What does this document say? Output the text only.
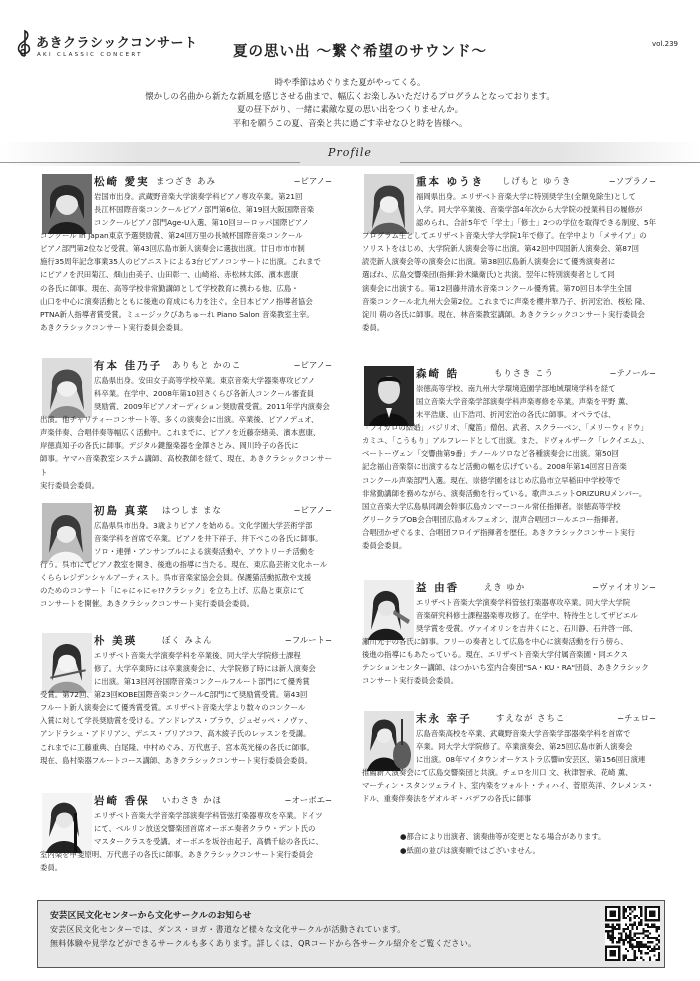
あきクラシックコンサート
AKI CLASSIC CONCERT
vol.239
夏の思い出 〜繋ぐ希望のサウンド〜

時や季節はめぐりまた夏がやってくる。

懐かしの名曲から新たな新風を感じさせる曲まで、幅広くお楽しみいただけるプログラムとなっております。

夏の昼下がり、一緒に素敵な夏の思い出をつくりませんか。

平和を願うこの夏、音楽と共に過ごす幸せなひと時を皆様へ。

Profile
松崎 愛実 まつざき あみ	−ピアノ−
岩国市出身。武蔵野音楽大学演奏学科ピアノ専攻卒業。第21回
長江杯国際音楽コンクールピアノ部門第6位、第19回大阪国際音楽
コンクールピアノ部門Age-U入選、第10回ヨーロッパ国際ピアノ
コンクール in Japan東京予選奨励賞、第24回万里の長城杯国際音楽コンクール
ピアノ部門第2位など受賞。第43回広島市新人演奏会に選抜出演。廿日市市市制
施行35周年記念事業35人のピアニストによる3台ピアノコンサートに出演。これまで
にピアノを沢田菊江、畑山由美子、山田彰一、山崎裕、赤松林太郎、濱本恵康
の各氏に師事。現在、高等学校非常勤講師として学校教育に携わる他、広島・
山口を中心に演奏活動とともに後進の育成にも力を注ぐ。全日本ピアノ指導者協会
PTNA新人指導者賞受賞。ミュージックびあちゅーれ Piano Salon 音楽教室主宰。
あきクラシックコンサート実行委員会委員。
有本 佳乃子 ありもと かのこ	−ピアノ−
広島県出身。安田女子高等学校卒業。東京音楽大学器楽専攻ピアノ
科卒業。在学中、2008年第10回さくらび各新人コンクール審査員
奨励賞、2009年ピアノオーディション奨励賞受賞。2011年学内演奏会
出演。他チャリティーコンサート等、多くの演奏会に出演。卒業後、ピアノデュオ、
声楽伴奏、合唱伴奏等幅広く活動中。これまでに、ピアノを近藤奈緒美、濱本恵康、
岸徳真知子の各氏に師事。デジタル鍵盤楽器を金澤さとみ、岡川玲子の各氏に
師事。ヤマハ音楽教室システム講師、高校教師を経て、現在、あきクラシックコンサート
実行委員会委員。
初島 真菜 はつしま まな	−ピアノ−
広島県呉市出身。3歳よりピアノを始める。文化学園大学芸術学部
音楽学科を首席で卒業。ピアノを井下祥子、井下べこの各氏に師事。
ソロ・連弾・アンサンブルによる演奏活動や、アウトリーチ活動を
行う。呉市にてピアノ教室を開き、後進の指導に当たる。現在、東広島芸術文化ホール
くららレジデンシャルアーティスト。呉市音楽家協会会員。保護猫活動拡散や支援
のためのコンサート「にゃにゃにゃ!?クラシック」を立ち上げ、広島と東京にて
コンサートを開催。あきクラシックコンサート実行委員会委員。
朴 美瑛	ぼく みよん	−フルート−
エリザベト音楽大学演奏学科を卒業後、同大学大学院修士課程
修了。大学卒業時には卒業演奏会に、大学院修了時には新人演奏会
に出演。第13回河谷国際音楽コンクールフルート部門にて優秀賞
受賞。第72回、第23回KOBE国際音楽コンクールC部門にて奨励賞受賞。第43回
フルート新人演奏会にて優秀賞受賞。エリザベト音楽大学より数々のコンクール
入賞に対して学長奨励賞を受ける。アンドレアス・ブラウ、ジュゼッペ・ノヴァ、
アンドラシュ・アドリアン、デニス・ブリアコフ、高木綾子氏のレッスンを受講。
これまでに工藤重典、白尾隆、中村めぐみ、万代恵子、宮本英光様の各氏に師事。
現在、島村楽器フルートコース講師、あきクラシックコンサート実行委員会委員。
岩崎 香保 いわさき かほ	−オーボエ−
エリザベト音楽大学音楽学部演奏学科管弦打楽器専攻を卒業。ドイツ
にて、ベルリン放送交響楽団首席オーボエ奏者クラウ・デント氏の
マスタークラスを受講。オーボエを坂谷由起子、高橋千絵の各氏に、
室内楽を甲斐原明、万代恵子の各氏に師事。あきクラシックコンサート実行委員会
委員。
重本 ゆうき しげもと ゆうき	−ソプラノ−
福岡県出身。エリザベト音楽大学に特別奨学生(全額免除生)として
入学。同大学卒業後、音楽学部4年次から大学院の授業科目の履修が
認められ、合計5年で「学士」「修士」2つの学位を取得できる制度、5年
プログラム生としてエリザベト音楽大学大学院1年で修了。在学中より「メサイア」の
ソリストをはじめ、大学院新人演奏会等に出演。第42回中四国新人演奏会、第87回
読売新人演奏会等の演奏会に出演。第38回広島新人演奏会にて優秀演奏者に
選ばれ、広島交響楽団(指揮:鈴木織衛氏)と共演。翌年に特別演奏者として同
演奏会に出演する。第12回藤井清水音楽コンクール優秀賞。第70回日本学生全国
音楽コンクール北九州大会第2位。これまでに声楽を櫻井華乃子、折河宏治、桜松 隆、
淀川 萌の各氏に師事。現在、林音楽教室講師。あきクラシックコンサート実行委員会
委員。
森崎 皓	もりさき こう	−テノール−
崇徳高等学校、南九州大学環境造園学部地域環境学科を経て
国立音楽大学音楽学部演奏学科声楽専修を卒業。声楽を平野 薫、
末平浩康、山下浩司、折河宏治の各氏に師事。オペラでは、
「フィガロの結婚」バジリオ、「魔笛」僧侶、武者、スクラーベン、「メリーウィドウ」
カミユ、「こうもり」アルフレードとして出演。また、ドヴォルザーク「レクイエム」、
ベートーヴェン「交響曲第9番」テノールソロなど各種演奏会に出演。第50回
記念福山音楽祭に出演するなど活動の幅を広げている。2008年第14回宮日音楽
コンクール声楽部門入選。現在、崇徳学園をはじめ広島市立早稲田中学校等で
非常勤講師を務めながら、演奏活動を行っている。歌声ユニットORIZURUメンバー。
国立音楽大学広島県同調会幹事広島カンマーコール常任指揮者。崇徳高等学校
グリークラブOB会合唱団広島オルフェオン、混声合唱団コールエコー指揮者。
合唱団かぜぐるま、合唱団フロイデ指揮者を歴任。あきクラシックコンサート実行
委員会委員。
益 由香	えき ゆか	−ヴァイオリン−
エリザベト音楽大学演奏学科管弦打楽器専攻卒業。同大学大学院
音楽研究科修士課程器楽専攻修了。在学中、特待生としてザビエル
奨学賞を受賞。ヴァイオリンを吉井くにと、石川静、石井啓一郎、
瀬川光子の各氏に師事。フリーの奏者として広島を中心に演奏活動を行う傍ら、
後進の指導にもあたっている。現在、エリザベト音楽大学付属音楽園・同エクス
テンションセンター講師、はつかいち室内合奏団"SA・KU・RA"団員、あきクラシック
コンサート実行委員会委員。
末永 幸子	すえなが さちこ	−チェロ−
広島音楽高校を卒業、武蔵野音楽大学音楽学部器楽学科を首席で
卒業。同大学大学院修了。卒業演奏会、第25回広島市新人演奏会
に出演。08年マイタウンオーケストラ広響in安芸区、第156回日演連
推薦新人演奏会にて広島交響楽団と共演。チェロを川口 文、秋津智承、花崎 薫、
マーティン・スタンツェライト、室内楽をツォルト・ティハイ、菅原英洋、クレメンス・
ドル、重奏伴奏法をゲオルギ・バデフの各氏に師事

●都合により出演者、演奏曲等が変更となる場合があります。

●紙面の並びは演奏順ではございません。

安芸区民文化センターから文化サークルのお知らせ

安芸区民文化センターでは、ダンス・ヨガ・書道など様々な文化サークルが活動されています。

無料体験や見学などができるサークルも多くあります。詳しくは、QRコードから各サークル紹介をご覧ください。
